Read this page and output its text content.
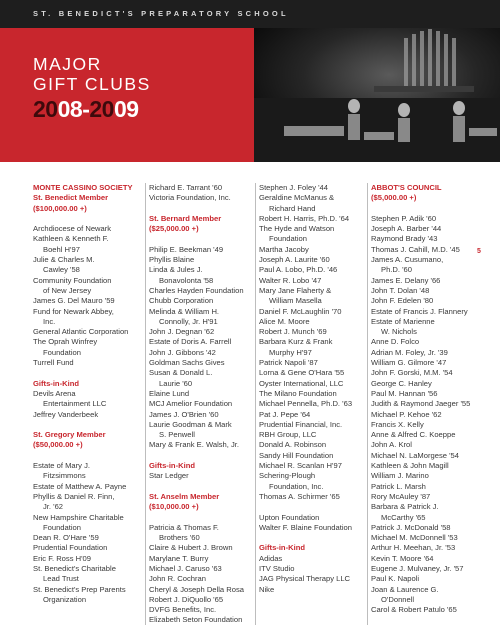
ST. BENEDICT'S PREPARATORY SCHOOL
MAJOR
GIFT CLUBS
2008-2009
MONTE CASSINO SOCIETY
St. Benedict Member
($100,000.00 +)
Archdiocese of Newark
Kathleen & Kenneth F.
Boehl H'97
Julie & Charles M.
Cawley '58
Community Foundation
of New Jersey
James G. Del Mauro '59
Fund for Newark Abbey,
Inc.
General Atlantic Corporation
The Oprah Winfrey
Foundation
Turrell Fund
Gifts-in-Kind
Devils Arena
Entertainment LLC
Jeffrey Vanderbeek
St. Gregory Member
($50,000.00 +)
Estate of Mary J.
Fitzsimmons
Estate of Matthew A. Payne
Phyllis & Daniel R. Finn,
Jr. '62
New Hampshire Charitable
Foundation
Dean R. O'Hare '59
Prudential Foundation
Eric F. Ross H'09
St. Benedict's Charitable
Lead Trust
St. Benedict's Prep Parents
Organization
Richard E. Tarrant '60
Victoria Foundation, Inc.
St. Bernard Member
($25,000.00 +)
Philip E. Beekman '49
Phyllis Blaine
Linda & Jules J.
Bonavolonta '58
Charles Hayden Foundation
Chubb Corporation
Melinda & William H.
Connolly, Jr. H'91
John J. Degnan '62
Estate of Doris A. Farrell
John J. Gibbons '42
Goldman Sachs Gives
Susan & Donald L.
Laurie '60
Elaine Lund
MCJ Amelior Foundation
James J. O'Brien '60
Laurie Goodman & Mark
S. Penwell
Mary & Frank E. Walsh, Jr.
Gifts-in-Kind
Star Ledger
St. Anselm Member
($10,000.00 +)
Patricia & Thomas F.
Brothers '60
Claire & Hubert J. Brown
Marylane T. Burry
Michael J. Caruso '63
John R. Cochran
Cheryl & Joseph Della Rosa
Robert J. DiQuollo '65
DVFG Benefits, Inc.
Elizabeth Seton Foundation
Stephen J. Foley '44
Geraldine McManus &
Richard Hand
Robert H. Harris, Ph.D. '64
The Hyde and Watson
Foundation
Martha Jacoby
Joseph A. Laurite '60
Paul A. Lobo, Ph.D. '46
Walter R. Lobo '47
Mary Jane Flaherty &
William Masella
Daniel F. McLaughlin '70
Alice M. Moore
Robert J. Munch '69
Barbara Kurz & Frank
Murphy H'97
Patrick Napoli '87
Lorna & Gene O'Hara '55
Oyster International, LLC
The Milano Foundation
Michael Pennella, Ph.D. '63
Pat J. Pepe '64
Prudential Financial, Inc.
RBH Group, LLC
Donald A. Robinson
Sandy Hill Foundation
Michael R. Scanlan H'97
Schering-Plough
Foundation, Inc.
Thomas A. Schirmer '65
Upton Foundation
Walter F. Blaine Foundation
Gifts-in-Kind
Adidas
ITV Studio
JAG Physical Therapy LLC
Nike
ABBOT'S COUNCIL
($5,000.00 +)
Stephen P. Adik '60
Joseph A. Barber '44
Raymond Brady '43
Thomas J. Cahill, M.D. '45
James A. Cusumano,
Ph.D. '60
James E. Delany '66
John T. Dolan '48
John F. Edelen '80
Estate of Francis J. Flannery
Estate of Marienne
W. Nichols
Anne D. Folco
Adrian M. Foley, Jr. '39
William G. Gilmore '47
John F. Gorski, M.M. '54
George C. Hanley
Paul M. Hannan '56
Judith & Raymond Jaeger '55
Michael P. Kehoe '62
Francis X. Kelly
Anne & Alfred C. Koeppe
John A. Krol
Michael N. LaMorgese '54
Kathleen & John Magill
William J. Marino
Patrick L. Marsh
Rory McAuley '87
Barbara & Patrick J.
McCarthy '65
Patrick J. McDonald '58
Michael M. McDonnell '53
Arthur H. Meehan, Jr. '53
Kevin T. Moore '64
Eugene J. Mulvaney, Jr. '57
Paul K. Napoli
Joan & Laurence G.
O'Donnell
Carol & Robert Patulo '65
5
